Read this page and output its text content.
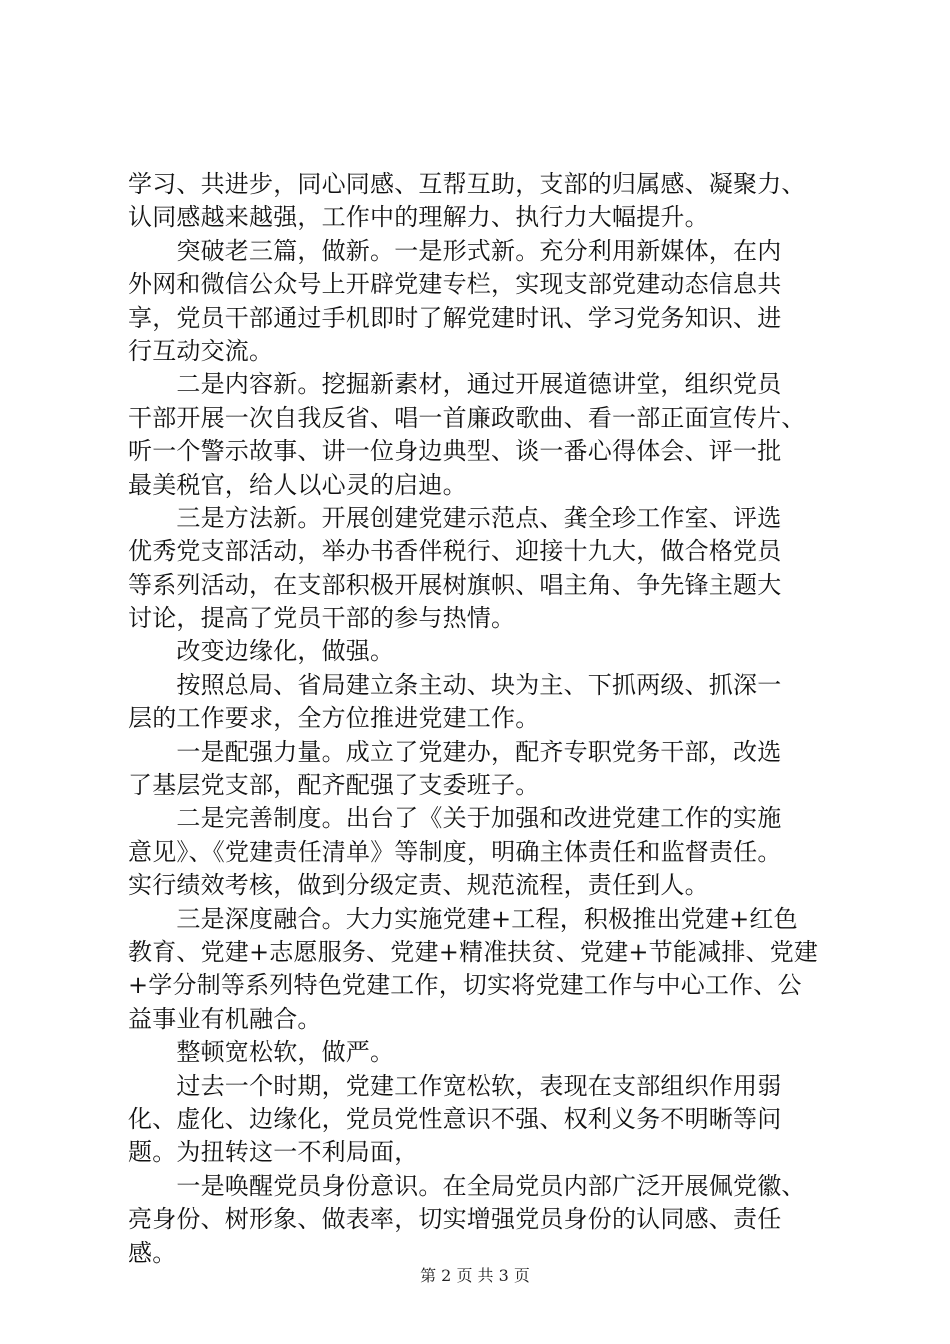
学习、共进步，同心同感、互帮互助，支部的归属感、凝聚力、
认同感越来越强，工作中的理解力、执行力大幅提升。
　　突破老三篇，做新。一是形式新。充分利用新媒体，在内
外网和微信公众号上开辟党建专栏，实现支部党建动态信息共
享，党员干部通过手机即时了解党建时讯、学习党务知识、进
行互动交流。
　　二是内容新。挖掘新素材，通过开展道德讲堂，组织党员
干部开展一次自我反省、唱一首廉政歌曲、看一部正面宣传片、
听一个警示故事、讲一位身边典型、谈一番心得体会、评一批
最美税官，给人以心灵的启迪。
　　三是方法新。开展创建党建示范点、龚全珍工作室、评选
优秀党支部活动，举办书香伴税行、迎接十九大，做合格党员
等系列活动，在支部积极开展树旗帜、唱主角、争先锋主题大
讨论，提高了党员干部的参与热情。
　　改变边缘化，做强。
　　按照总局、省局建立条主动、块为主、下抓两级、抓深一
层的工作要求，全方位推进党建工作。
　　一是配强力量。成立了党建办，配齐专职党务干部，改选
了基层党支部，配齐配强了支委班子。
　　二是完善制度。出台了《关于加强和改进党建工作的实施
意见》、《党建责任清单》等制度，明确主体责任和监督责任。
实行绩效考核，做到分级定责、规范流程，责任到人。
　　三是深度融合。大力实施党建+工程，积极推出党建+红色
教育、党建+志愿服务、党建+精准扶贫、党建+节能减排、党建
+学分制等系列特色党建工作，切实将党建工作与中心工作、公
益事业有机融合。
　　整顿宽松软，做严。
　　过去一个时期，党建工作宽松软，表现在支部组织作用弱
化、虚化、边缘化，党员党性意识不强、权利义务不明晰等问
题。为扭转这一不利局面，
　　一是唤醒党员身份意识。在全局党员内部广泛开展佩党徽、
亮身份、树形象、做表率，切实增强党员身份的认同感、责任
感。
第 2 页 共 3 页
